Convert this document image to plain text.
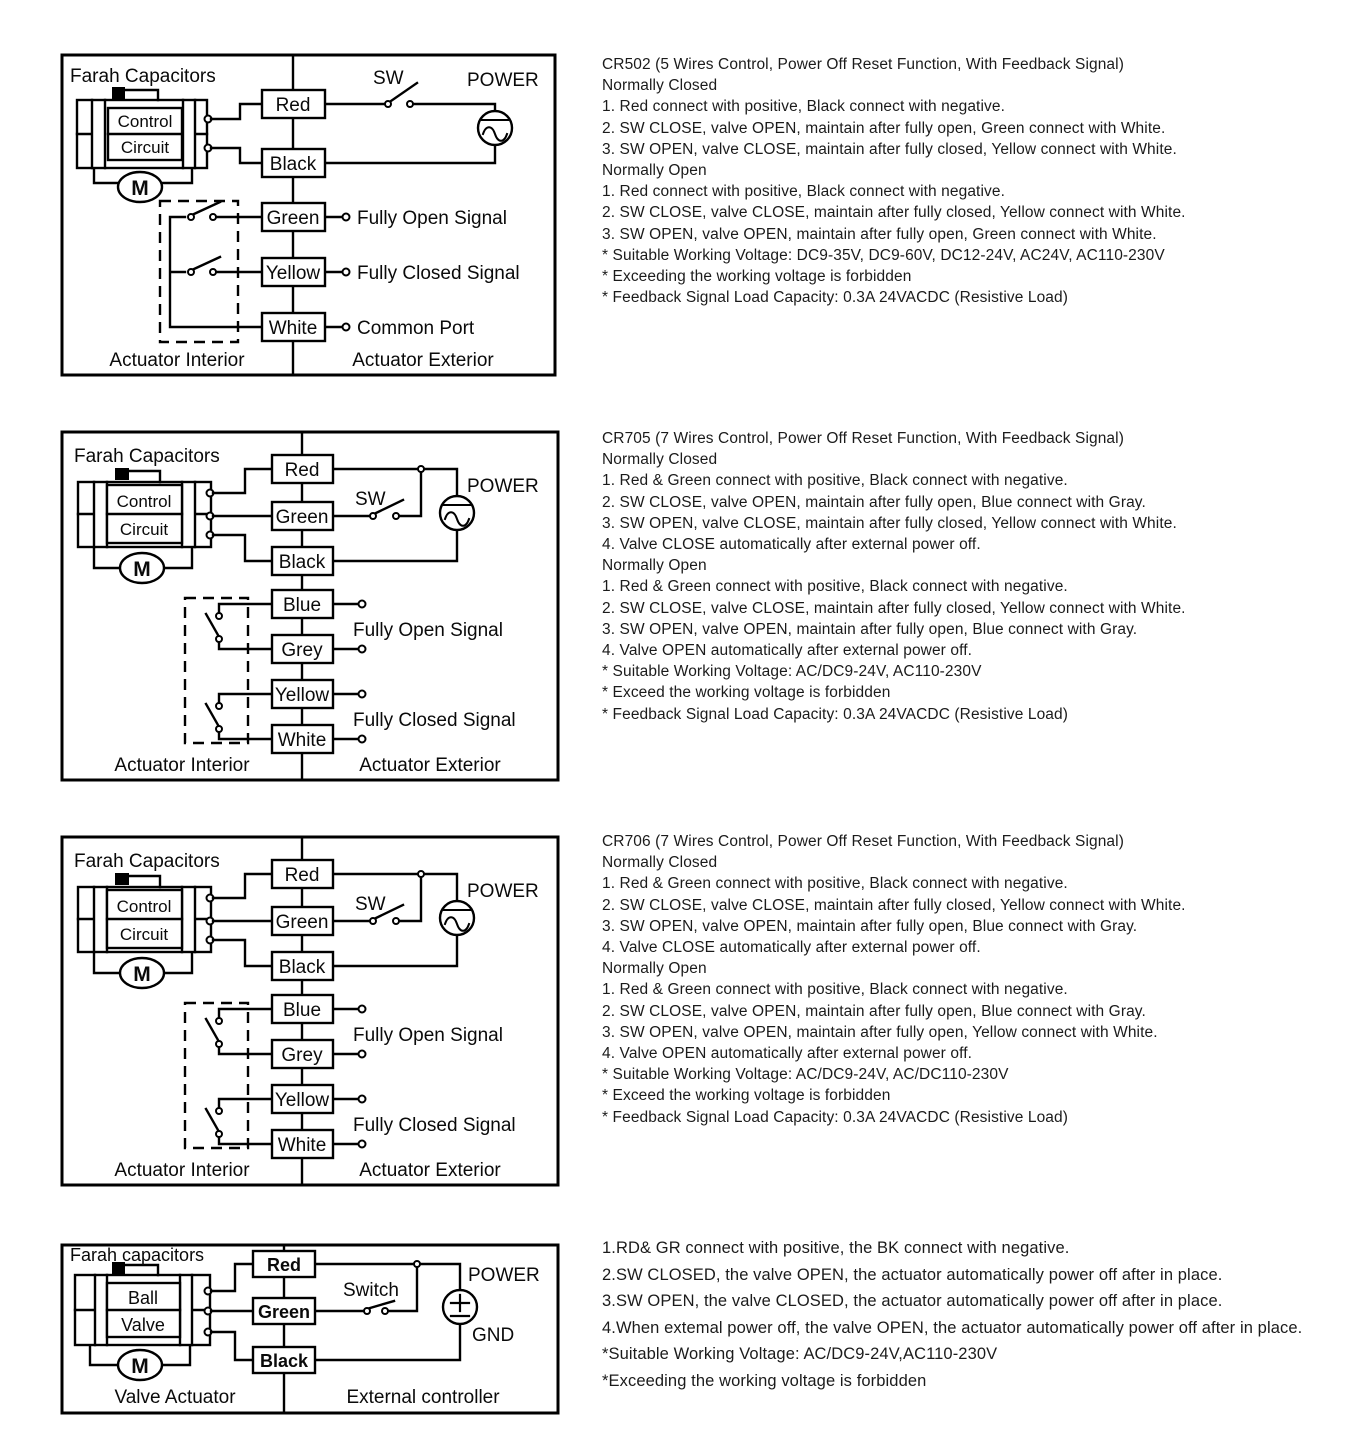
Control
Circuit
M
Farah Capacitors
Red
Black
Green
Yellow
White
SW	POWER
Fully Open Signal
Fully Closed Signal
Common Port
Actuator Interior	Actuator Exterior
Control
Circuit
M
Farah Capacitors
Red
Green
Black
Blue
Grey
Yellow
White
SW
POWER
Fully Open Signal
Fully Closed Signal
Actuator Interior	Actuator Exterior
Control
Circuit
M
Farah Capacitors
Red
Green
Black
Blue
Grey
Yellow
White
SW
POWER
Fully Open Signal
Fully Closed Signal
Actuator Interior	Actuator Exterior
Ball
Valve
M
Farah capacitors	Red
Green
Black
Switch
POWER
GND
Valve Actuator	External controller
CR502 (5 Wires Control, Power Off Reset Function, With Feedback Signal)
Normally Closed
1. Red connect with positive, Black connect with negative.
2. SW CLOSE, valve OPEN, maintain after fully open, Green connect with White.
3. SW OPEN, valve CLOSE, maintain after fully closed, Yellow connect with White.
Normally Open
1. Red connect with positive, Black connect with negative.
2. SW CLOSE, valve CLOSE, maintain after fully closed, Yellow connect with White.
3. SW OPEN, valve OPEN, maintain after fully open, Green connect with White.
* Suitable Working Voltage: DC9-35V, DC9-60V, DC12-24V, AC24V, AC110-230V
* Exceeding the working voltage is forbidden
* Feedback Signal Load Capacity: 0.3A 24VACDC (Resistive Load)
CR705 (7 Wires Control, Power Off Reset Function, With Feedback Signal)
Normally Closed
1. Red & Green connect with positive, Black connect with negative.
2. SW CLOSE, valve OPEN, maintain after fully open, Blue connect with Gray.
3. SW OPEN, valve CLOSE, maintain after fully closed, Yellow connect with White.
4. Valve CLOSE automatically after external power off.
Normally Open
1. Red & Green connect with positive, Black connect with negative.
2. SW CLOSE, valve CLOSE, maintain after fully closed, Yellow connect with White.
3. SW OPEN, valve OPEN, maintain after fully open, Blue connect with Gray.
4. Valve OPEN automatically after external power off.
* Suitable Working Voltage: AC/DC9-24V, AC110-230V
* Exceed the working voltage is forbidden
* Feedback Signal Load Capacity: 0.3A 24VACDC (Resistive Load)
CR706 (7 Wires Control, Power Off Reset Function, With Feedback Signal)
Normally Closed
1. Red & Green connect with positive, Black connect with negative.
2. SW CLOSE, valve CLOSE, maintain after fully closed, Yellow connect with White.
3. SW OPEN, valve OPEN, maintain after fully open, Blue connect with Gray.
4. Valve CLOSE automatically after external power off.
Normally Open
1. Red & Green connect with positive, Black connect with negative.
2. SW CLOSE, valve OPEN, maintain after fully open, Blue connect with Gray.
3. SW OPEN, valve OPEN, maintain after fully open, Yellow connect with White.
4. Valve OPEN automatically after external power off.
* Suitable Working Voltage: AC/DC9-24V, AC/DC110-230V
* Exceed the working voltage is forbidden
* Feedback Signal Load Capacity: 0.3A 24VACDC (Resistive Load)
1.RD& GR connect with positive, the BK connect with negative.
2.SW CLOSED, the valve OPEN, the actuator automatically power off after in place.
3.SW OPEN, the valve CLOSED, the actuator automatically power off after in place.
4.When extemal power off, the valve OPEN, the actuator automatically power off after in place.
*Suitable Working Voltage: AC/DC9-24V,AC110-230V
*Exceeding the working voltage is forbidden
